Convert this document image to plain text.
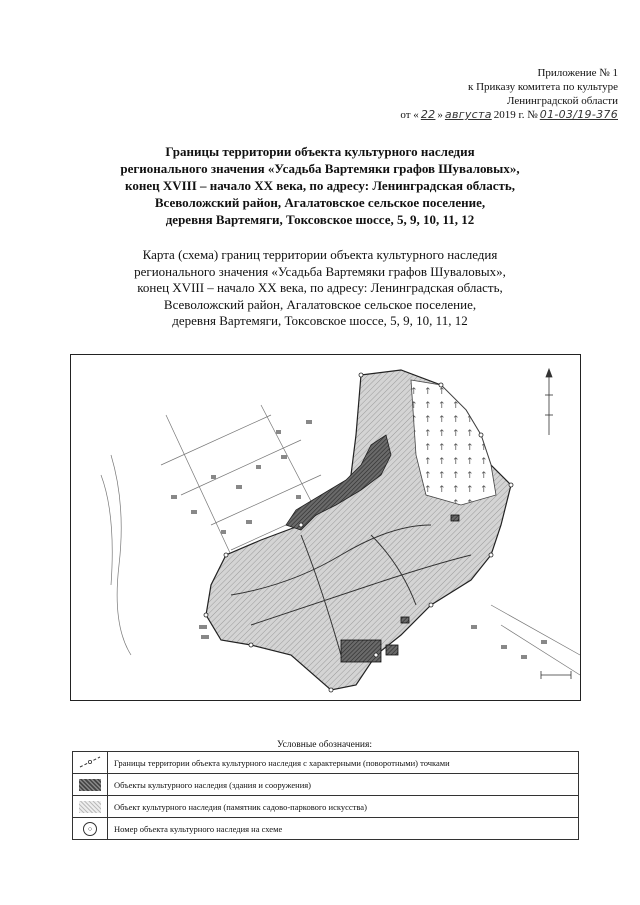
Приложение № 1
к Приказу комитета по культуре
Ленинградской области
от « 22 » августа 2019 г. № 01-03/19-376
Границы территории объекта культурного наследия
регионального значения «Усадьба Вартемяки графов Шуваловых»,
конец XVIII – начало XX века, по адресу: Ленинградская область,
Всеволожский район, Агалатовское сельское поселение,
деревня Вартемяги, Токсовское шоссе, 5, 9, 10, 11, 12
Карта (схема) границ территории объекта культурного наследия
регионального значения «Усадьба Вартемяки графов Шуваловых»,
конец XVIII – начало XX века, по адресу: Ленинградская область,
Всеволожский район, Агалатовское сельское поселение,
деревня Вартемяги, Токсовское шоссе, 5, 9, 10, 11, 12
Условные обозначения:
	Границы территории объекта культурного наследия с характерными (поворотными) точками
	Объекты культурного наследия (здания и сооружения)
	Объект культурного наследия (памятник садово-паркового искусства)
○	Номер объекта культурного наследия на схеме
